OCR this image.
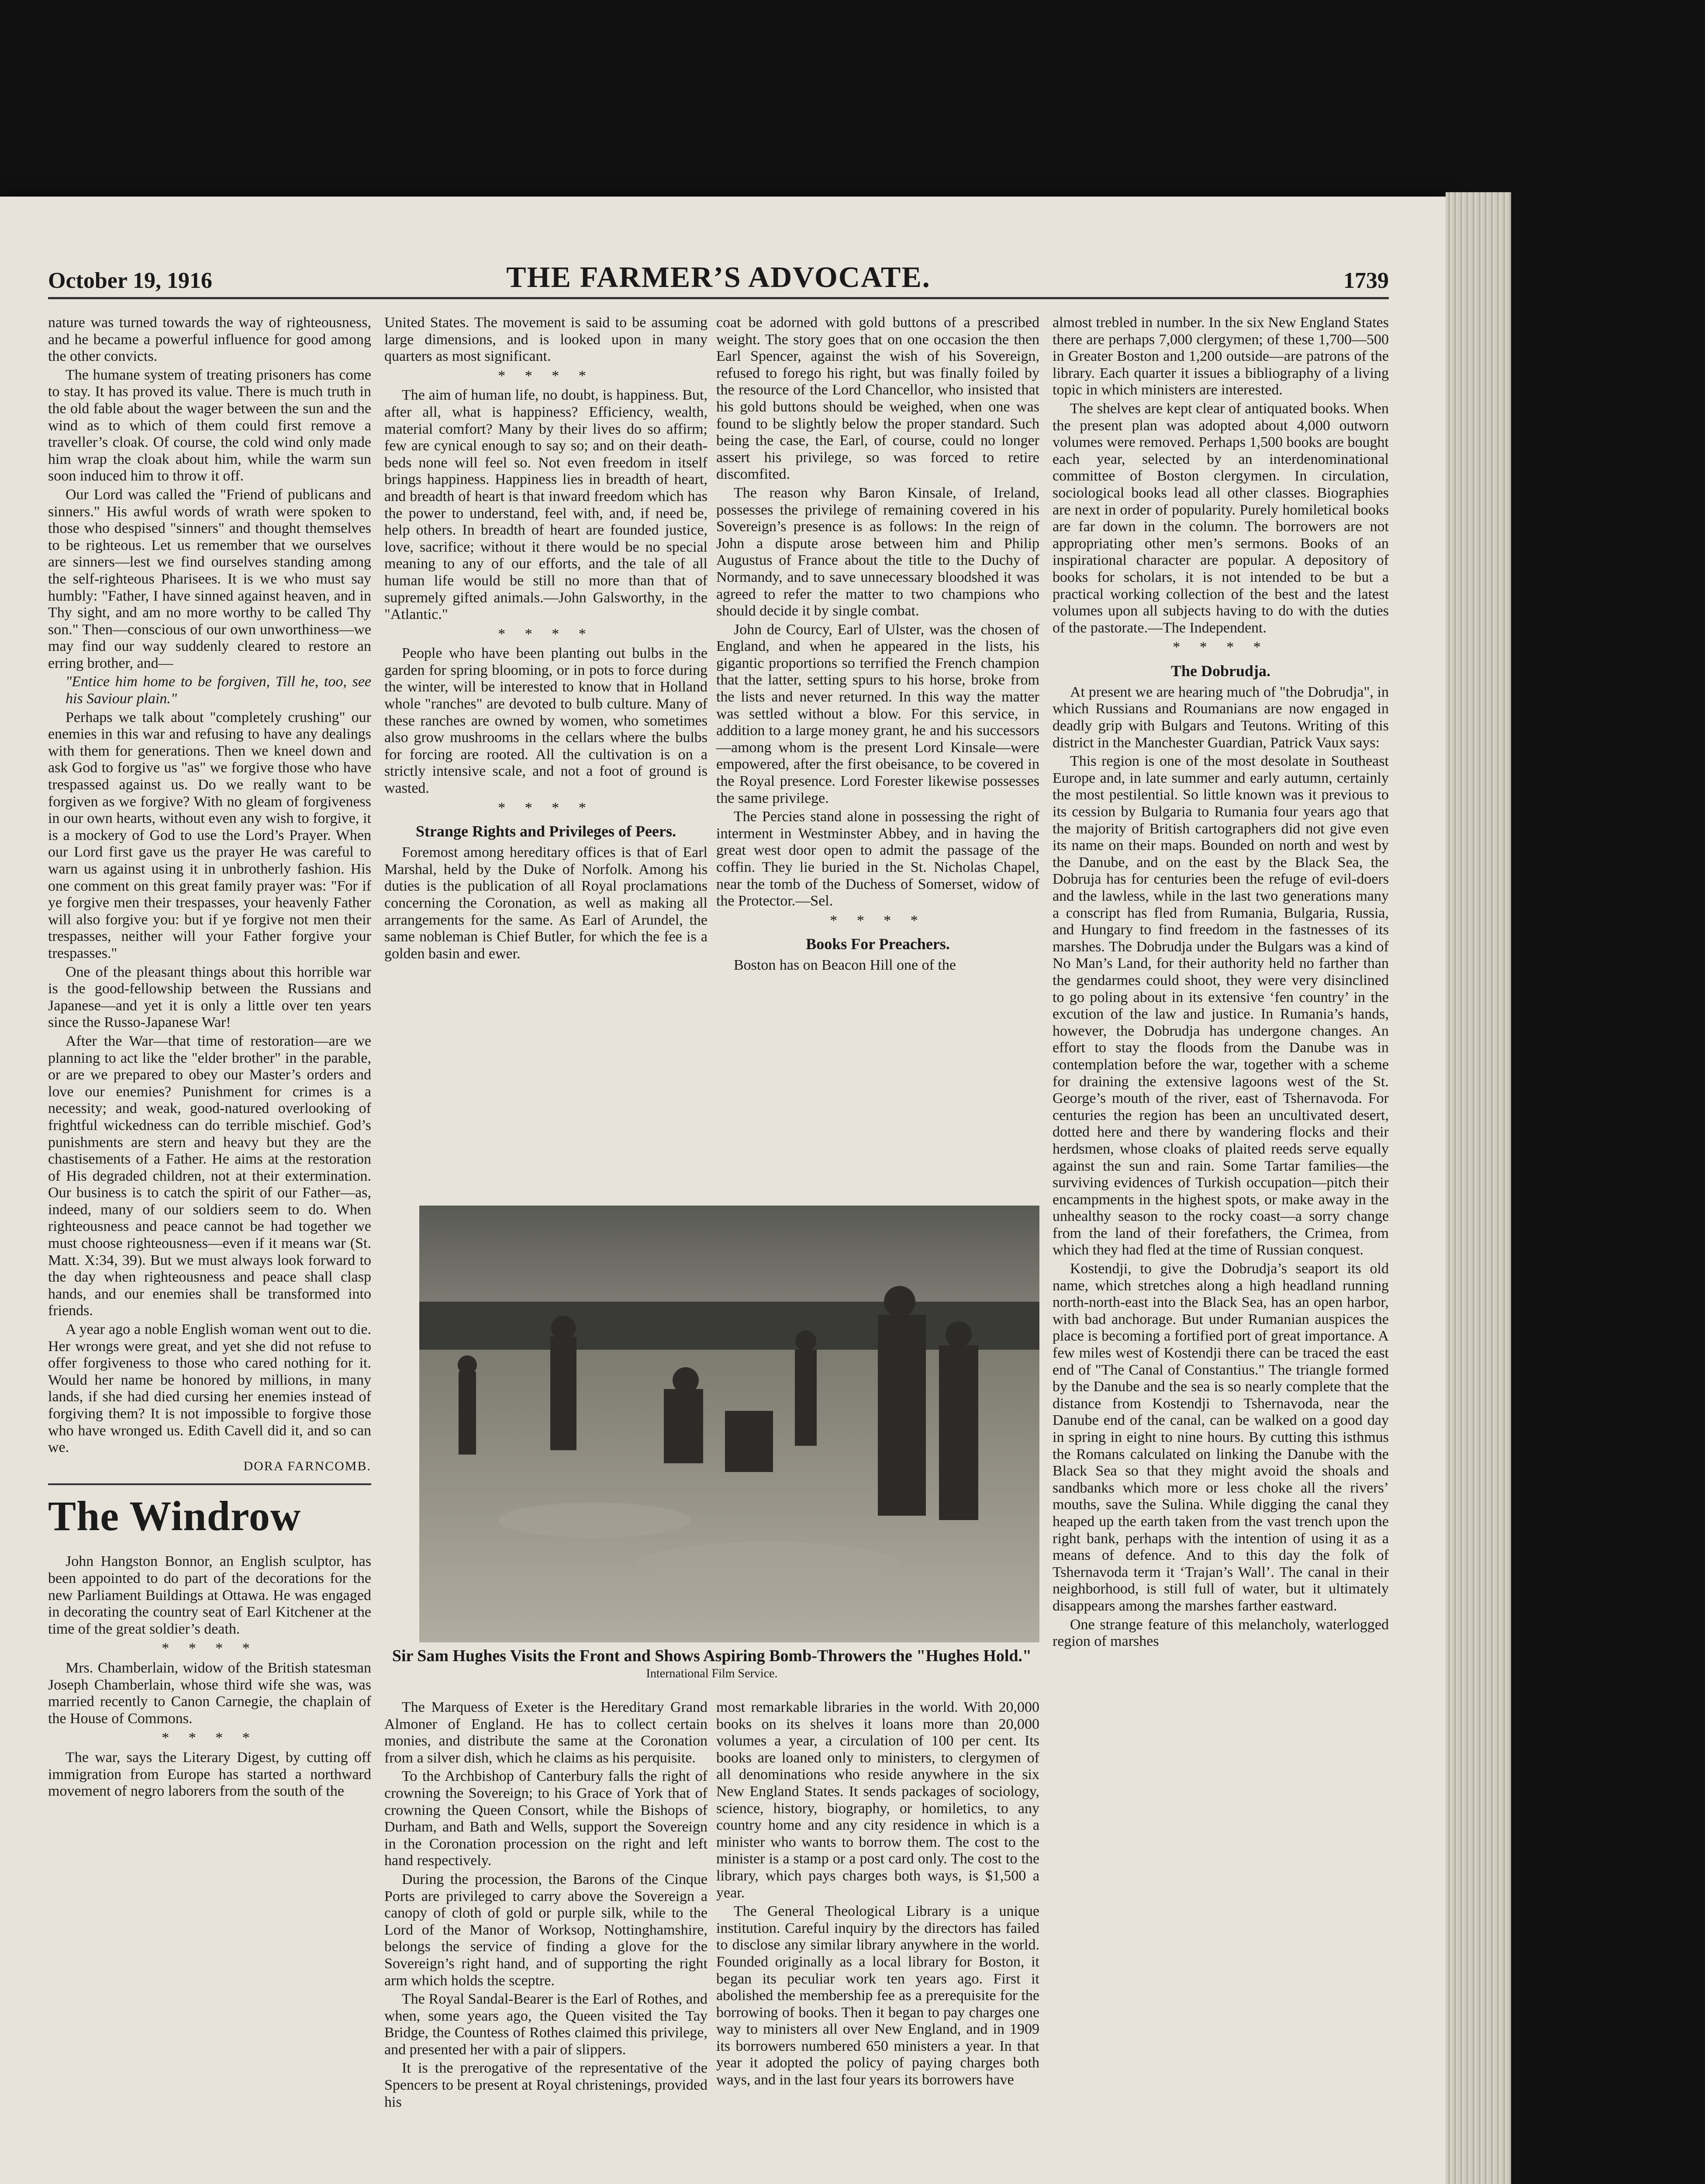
October 19, 1916	THE FARMER’S ADVOCATE.	1739

nature was turned towards the way of righteousness, and he became a powerful influence for good among the other convicts.

The humane system of treating prisoners has come to stay. It has proved its value. There is much truth in the old fable about the wager between the sun and the wind as to which of them could first remove a traveller’s cloak. Of course, the cold wind only made him wrap the cloak about him, while the warm sun soon induced him to throw it off.

Our Lord was called the "Friend of publicans and sinners." His awful words of wrath were spoken to those who despised "sinners" and thought themselves to be righteous. Let us remember that we ourselves are sinners—lest we find ourselves standing among the self-righteous Pharisees. It is we who must say humbly: "Father, I have sinned against heaven, and in Thy sight, and am no more worthy to be called Thy son." Then—conscious of our own unworthiness—we may find our way suddenly cleared to restore an erring brother, and—

"Entice him home to be forgiven, Till he, too, see his Saviour plain."

Perhaps we talk about "completely crushing" our enemies in this war and refusing to have any dealings with them for generations. Then we kneel down and ask God to forgive us "as" we forgive those who have trespassed against us. Do we really want to be forgiven as we forgive? With no gleam of forgiveness in our own hearts, without even any wish to forgive, it is a mockery of God to use the Lord’s Prayer. When our Lord first gave us the prayer He was careful to warn us against using it in unbrotherly fashion. His one comment on this great family prayer was: "For if ye forgive men their trespasses, your heavenly Father will also forgive you: but if ye forgive not men their trespasses, neither will your Father forgive your trespasses."

One of the pleasant things about this horrible war is the good-fellowship between the Russians and Japanese—and yet it is only a little over ten years since the Russo-Japanese War!

After the War—that time of restoration—are we planning to act like the "elder brother" in the parable, or are we prepared to obey our Master’s orders and love our enemies? Punishment for crimes is a necessity; and weak, good-natured overlooking of frightful wickedness can do terrible mischief. God’s punishments are stern and heavy but they are the chastisements of a Father. He aims at the restoration of His degraded children, not at their extermination. Our business is to catch the spirit of our Father—as, indeed, many of our soldiers seem to do. When righteousness and peace cannot be had together we must choose righteousness—even if it means war (St. Matt. X:34, 39). But we must always look forward to the day when righteousness and peace shall clasp hands, and our enemies shall be transformed into friends.

A year ago a noble English woman went out to die. Her wrongs were great, and yet she did not refuse to offer forgiveness to those who cared nothing for it. Would her name be honored by millions, in many lands, if she had died cursing her enemies instead of forgiving them? It is not impossible to forgive those who have wronged us. Edith Cavell did it, and so can we.

DORA FARNCOMB.
The Windrow

John Hangston Bonnor, an English sculptor, has been appointed to do part of the decorations for the new Parliament Buildings at Ottawa. He was engaged in decorating the country seat of Earl Kitchener at the time of the great soldier’s death.

* * * *

Mrs. Chamberlain, widow of the British statesman Joseph Chamberlain, whose third wife she was, was married recently to Canon Carnegie, the chaplain of the House of Commons.

* * * *

The war, says the Literary Digest, by cutting off immigration from Europe has started a northward movement of negro laborers from the south of the

United States. The movement is said to be assuming large dimensions, and is looked upon in many quarters as most significant.

* * * *

The aim of human life, no doubt, is happiness. But, after all, what is happiness? Efficiency, wealth, material comfort? Many by their lives do so affirm; few are cynical enough to say so; and on their death-beds none will feel so. Not even freedom in itself brings happiness. Happiness lies in breadth of heart, and breadth of heart is that inward freedom which has the power to understand, feel with, and, if need be, help others. In breadth of heart are founded justice, love, sacrifice; without it there would be no special meaning to any of our efforts, and the tale of all human life would be still no more than that of supremely gifted animals.—John Galsworthy, in the "Atlantic."

* * * *

People who have been planting out bulbs in the garden for spring blooming, or in pots to force during the winter, will be interested to know that in Holland whole "ranches" are devoted to bulb culture. Many of these ranches are owned by women, who sometimes also grow mushrooms in the cellars where the bulbs for forcing are rooted. All the cultivation is on a strictly intensive scale, and not a foot of ground is wasted.

* * * *
Strange Rights and Privileges of Peers.

Foremost among hereditary offices is that of Earl Marshal, held by the Duke of Norfolk. Among his duties is the publication of all Royal proclamations concerning the Coronation, as well as making all arrangements for the same. As Earl of Arundel, the same nobleman is Chief Butler, for which the fee is a golden basin and ewer.

coat be adorned with gold buttons of a prescribed weight. The story goes that on one occasion the then Earl Spencer, against the wish of his Sovereign, refused to forego his right, but was finally foiled by the resource of the Lord Chancellor, who insisted that his gold buttons should be weighed, when one was found to be slightly below the proper standard. Such being the case, the Earl, of course, could no longer assert his privilege, so was forced to retire discomfited.

The reason why Baron Kinsale, of Ireland, possesses the privilege of remaining covered in his Sovereign’s presence is as follows: In the reign of John a dispute arose between him and Philip Augustus of France about the title to the Duchy of Normandy, and to save unnecessary bloodshed it was agreed to refer the matter to two champions who should decide it by single combat.

John de Courcy, Earl of Ulster, was the chosen of England, and when he appeared in the lists, his gigantic proportions so terrified the French champion that the latter, setting spurs to his horse, broke from the lists and never returned. In this way the matter was settled without a blow. For this service, in addition to a large money grant, he and his successors—among whom is the present Lord Kinsale—were empowered, after the first obeisance, to be covered in the Royal presence. Lord Forester likewise possesses the same privilege.

The Percies stand alone in possessing the right of interment in Westminster Abbey, and in having the great west door open to admit the passage of the coffin. They lie buried in the St. Nicholas Chapel, near the tomb of the Duchess of Somerset, widow of the Protector.—Sel.

* * * *
Books For Preachers.

Boston has on Beacon Hill one of the

almost trebled in number. In the six New England States there are perhaps 7,000 clergymen; of these 1,700—500 in Greater Boston and 1,200 outside—are patrons of the library. Each quarter it issues a bibliography of a living topic in which ministers are interested.

The shelves are kept clear of antiquated books. When the present plan was adopted about 4,000 outworn volumes were removed. Perhaps 1,500 books are bought each year, selected by an interdenominational committee of Boston clergymen. In circulation, sociological books lead all other classes. Biographies are next in order of popularity. Purely homiletical books are far down in the column. The borrowers are not appropriating other men’s sermons. Books of an inspirational character are popular. A depository of books for scholars, it is not intended to be but a practical working collection of the best and the latest volumes upon all subjects having to do with the duties of the pastorate.—The Independent.

* * * *
The Dobrudja.

At present we are hearing much of "the Dobrudja", in which Russians and Roumanians are now engaged in deadly grip with Bulgars and Teutons. Writing of this district in the Manchester Guardian, Patrick Vaux says:

This region is one of the most desolate in Southeast Europe and, in late summer and early autumn, certainly the most pestilential. So little known was it previous to its cession by Bulgaria to Rumania four years ago that the majority of British cartographers did not give even its name on their maps. Bounded on north and west by the Danube, and on the east by the Black Sea, the Dobruja has for centuries been the refuge of evil-doers and the lawless, while in the last two generations many a conscript has fled from Rumania, Bulgaria, Russia, and Hungary to find freedom in the fastnesses of its marshes. The Dobrudja under the Bulgars was a kind of No Man’s Land, for their authority held no farther than the gendarmes could shoot, they were very disinclined to go poling about in its extensive ‘fen country’ in the excution of the law and justice. In Rumania’s hands, however, the Dobrudja has undergone changes. An effort to stay the floods from the Danube was in contemplation before the war, together with a scheme for draining the extensive lagoons west of the St. George’s mouth of the river, east of Tshernavoda. For centuries the region has been an uncultivated desert, dotted here and there by wandering flocks and their herdsmen, whose cloaks of plaited reeds serve equally against the sun and rain. Some Tartar families—the surviving evidences of Turkish occupation—pitch their encampments in the highest spots, or make away in the unhealthy season to the rocky coast—a sorry change from the land of their forefathers, the Crimea, from which they had fled at the time of Russian conquest.

Kostendji, to give the Dobrudja’s seaport its old name, which stretches along a high headland running north-north-east into the Black Sea, has an open harbor, with bad anchorage. But under Rumanian auspices the place is becoming a fortified port of great importance. A few miles west of Kostendji there can be traced the east end of "The Canal of Constantius." The triangle formed by the Danube and the sea is so nearly complete that the distance from Kostendji to Tshernavoda, near the Danube end of the canal, can be walked on a good day in spring in eight to nine hours. By cutting this isthmus the Romans calculated on linking the Danube with the Black Sea so that they might avoid the shoals and sandbanks which more or less choke all the rivers’ mouths, save the Sulina. While digging the canal they heaped up the earth taken from the vast trench upon the right bank, perhaps with the intention of using it as a means of defence. And to this day the folk of Tshernavoda term it ‘Trajan’s Wall’. The canal in their neighborhood, is still full of water, but it ultimately disappears among the marshes farther eastward.

One strange feature of this melancholy, waterlogged region of marshes

Sir Sam Hughes Visits the Front and Shows Aspiring Bomb-Throwers the "Hughes Hold."
International Film Service.

The Marquess of Exeter is the Hereditary Grand Almoner of England. He has to collect certain monies, and distribute the same at the Coronation from a silver dish, which he claims as his perquisite.

To the Archbishop of Canterbury falls the right of crowning the Sovereign; to his Grace of York that of crowning the Queen Consort, while the Bishops of Durham, and Bath and Wells, support the Sovereign in the Coronation procession on the right and left hand respectively.

During the procession, the Barons of the Cinque Ports are privileged to carry above the Sovereign a canopy of cloth of gold or purple silk, while to the Lord of the Manor of Worksop, Nottinghamshire, belongs the service of finding a glove for the Sovereign’s right hand, and of supporting the right arm which holds the sceptre.

The Royal Sandal-Bearer is the Earl of Rothes, and when, some years ago, the Queen visited the Tay Bridge, the Countess of Rothes claimed this privilege, and presented her with a pair of slippers.

It is the prerogative of the representative of the Spencers to be present at Royal christenings, provided his

most remarkable libraries in the world. With 20,000 books on its shelves it loans more than 20,000 volumes a year, a circulation of 100 per cent. Its books are loaned only to ministers, to clergymen of all denominations who reside anywhere in the six New England States. It sends packages of sociology, science, history, biography, or homiletics, to any country home and any city residence in which is a minister who wants to borrow them. The cost to the minister is a stamp or a post card only. The cost to the library, which pays charges both ways, is $1,500 a year.

The General Theological Library is a unique institution. Careful inquiry by the directors has failed to disclose any similar library anywhere in the world. Founded originally as a local library for Boston, it began its peculiar work ten years ago. First it abolished the membership fee as a prerequisite for the borrowing of books. Then it began to pay charges one way to ministers all over New England, and in 1909 its borrowers numbered 650 ministers a year. In that year it adopted the policy of paying charges both ways, and in the last four years its borrowers have
